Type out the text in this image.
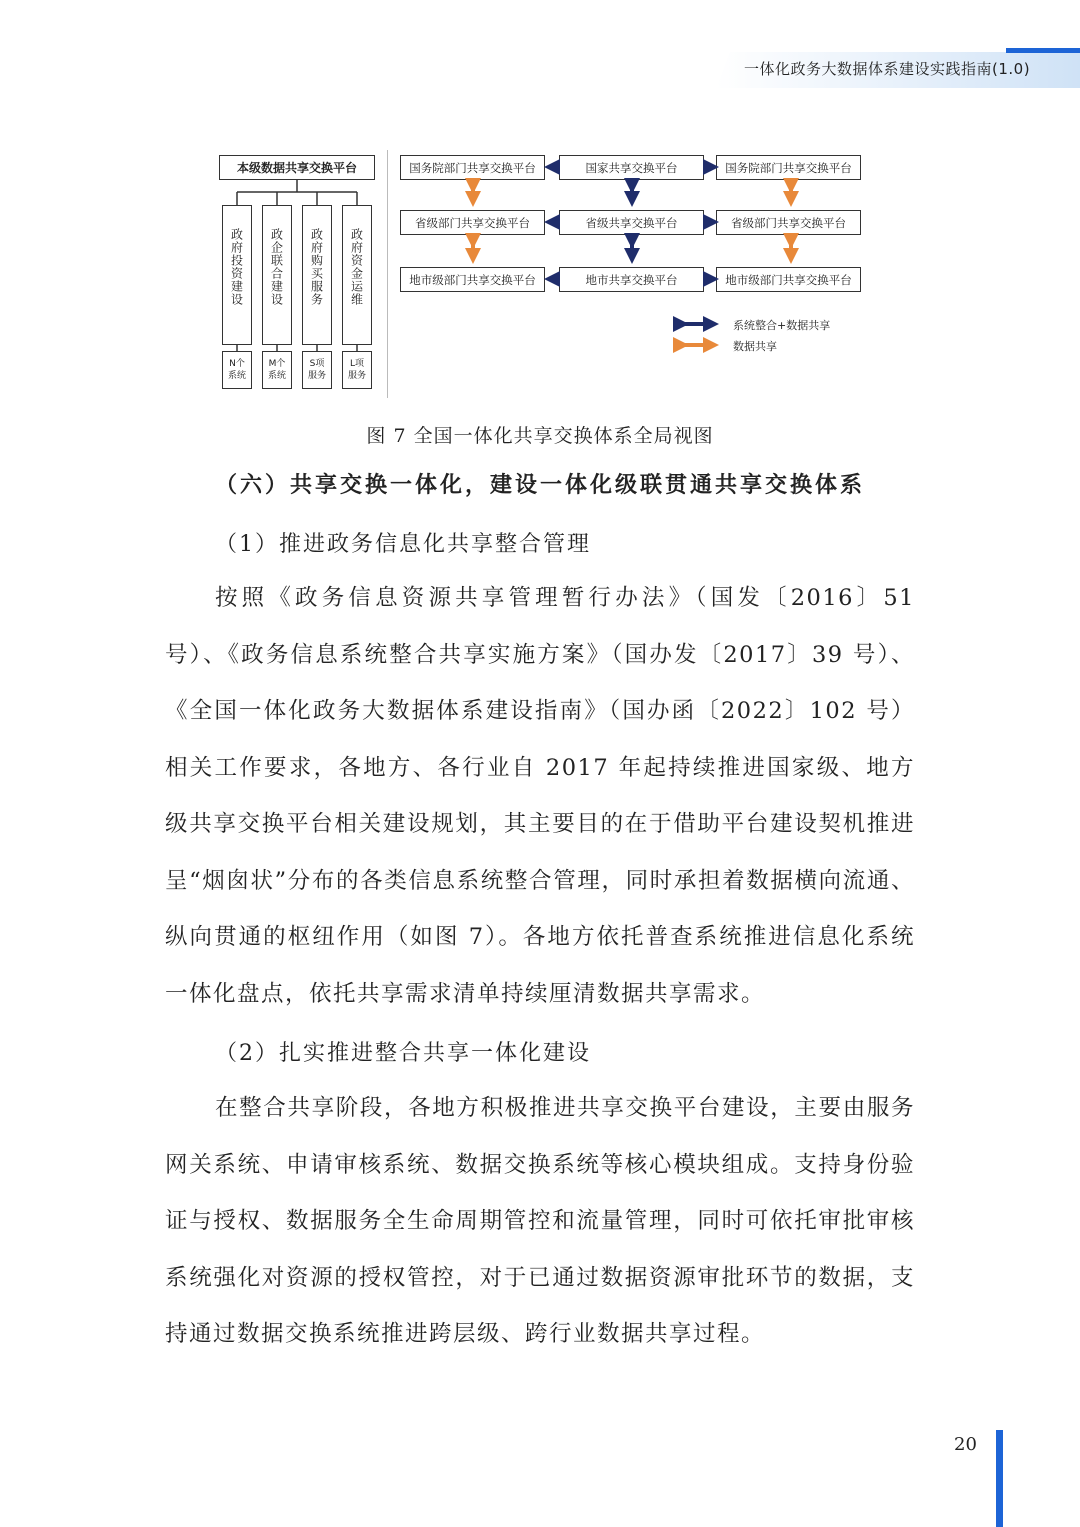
一体化政务大数据体系建设实践指南(1.0)
本级数据共享交换平台
政府投资建设 政企联合建设 政府购买服务 政府资金运维
N个系统
M个系统
S项服务
L项服务
国务院部门共享交换平台	国家共享交换平台	国务院部门共享交换平台
省级部门共享交换平台	省级共享交换平台	省级部门共享交换平台
地市级部门共享交换平台	地市共享交换平台	地市级部门共享交换平台
系统整合+数据共享
数据共享
图 7 全国一体化共享交换体系全局视图
（六）共享交换一体化，建设一体化级联贯通共享交换体系
（1）推进政务信息化共享整合管理

按照《政务信息资源共享管理暂行办法》（国发〔2016〕51 号）、《政务信息系统整合共享实施方案》（国办发〔2017〕39 号）、《全国一体化政务大数据体系建设指南》（国办函〔2022〕102 号）相关工作要求，各地方、各行业自 2017 年起持续推进国家级、地方级共享交换平台相关建设规划，其主要目的在于借助平台建设契机推进呈“烟囱状”分布的各类信息系统整合管理，同时承担着数据横向流通、纵向贯通的枢纽作用（如图 7）。各地方依托普查系统推进信息化系统一体化盘点，依托共享需求清单持续厘清数据共享需求。

（2）扎实推进整合共享一体化建设

在整合共享阶段，各地方积极推进共享交换平台建设，主要由服务网关系统、申请审核系统、数据交换系统等核心模块组成。支持身份验证与授权、数据服务全生命周期管控和流量管理，同时可依托审批审核系统强化对资源的授权管控，对于已通过数据资源审批环节的数据，支持通过数据交换系统推进跨层级、跨行业数据共享过程。

20
